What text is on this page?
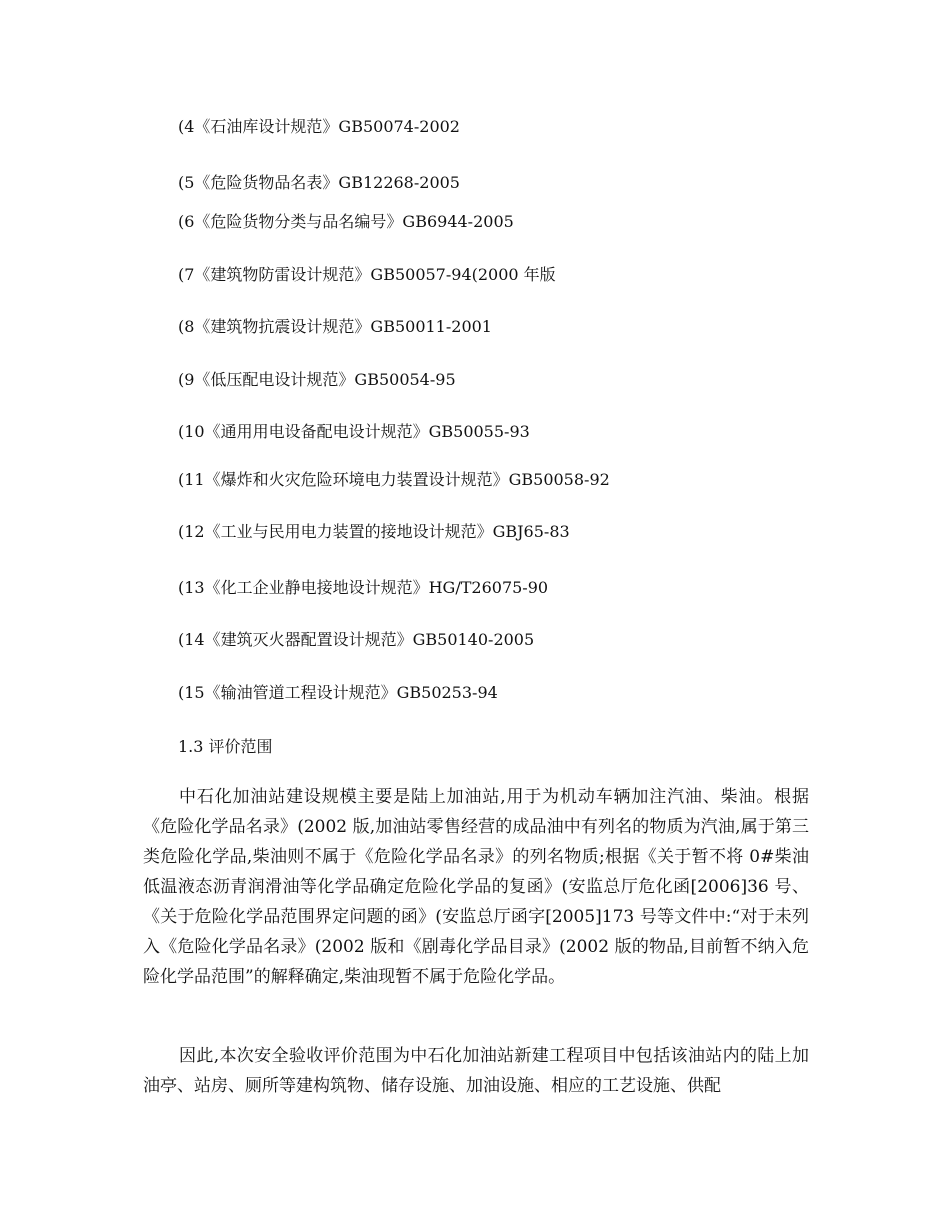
(4《石油库设计规范》GB50074-2002
(5《危险货物品名表》GB12268-2005
(6《危险货物分类与品名编号》GB6944-2005
(7《建筑物防雷设计规范》GB50057-94(2000 年版
(8《建筑物抗震设计规范》GB50011-2001
(9《低压配电设计规范》GB50054-95
(10《通用用电设备配电设计规范》GB50055-93
(11《爆炸和火灾危险环境电力装置设计规范》GB50058-92
(12《工业与民用电力装置的接地设计规范》GBJ65-83
(13《化工企业静电接地设计规范》HG/T26075-90
(14《建筑灭火器配置设计规范》GB50140-2005
(15《输油管道工程设计规范》GB50253-94
1.3 评价范围

中石化加油站建设规模主要是陆上加油站,用于为机动车辆加注汽油、柴油。根据《危险化学品名录》(2002 版,加油站零售经营的成品油中有列名的物质为汽油,属于第三类危险化学品,柴油则不属于《危险化学品名录》的列名物质;根据《关于暂不将 0#柴油低温液态沥青润滑油等化学品确定危险化学品的复函》(安监总厅危化函[2006]36 号、《关于危险化学品范围界定问题的函》(安监总厅函字[2005]173 号等文件中:“对于未列入《危险化学品名录》(2002 版和《剧毒化学品目录》(2002 版的物品,目前暂不纳入危险化学品范围”的解释确定,柴油现暂不属于危险化学品。

因此,本次安全验收评价范围为中石化加油站新建工程项目中包括该油站内的陆上加油亭、站房、厕所等建构筑物、储存设施、加油设施、相应的工艺设施、供配
